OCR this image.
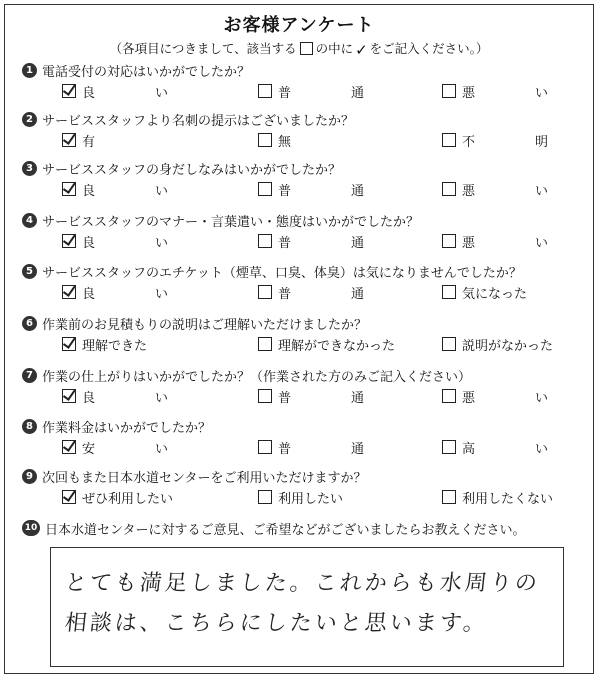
お客様アンケート
（各項目につきまして、該当する の中に ✓ をご記入ください。）
とても満足しました。これからも水周りの
相談は、こちらにしたいと思います。
1 電話受付の対応はいかがでしたか？
良	い	普	通	悪	い
2 サービススタッフより名刺の提示はございましたか？
有	無	不	明
3 サービススタッフの身だしなみはいかがでしたか？
良	い	普	通	悪	い
4 サービススタッフのマナー・言葉遣い・態度はいかがでしたか？
良	い	普	通	悪	い
5 サービススタッフのエチケット（煙草、口臭、体臭）は気になりませんでしたか？
良	い	普	通	気になった
6 作業前のお見積もりの説明はご理解いただけましたか？
理解できた	理解ができなかった	説明がなかった
7 作業の仕上がりはいかがでしたか？（作業された方のみご記入ください）
良	い	普	通	悪	い
8 作業料金はいかがでしたか？
安	い	普	通	高	い
9 次回もまた日本水道センターをご利用いただけますか？
ぜひ利用したい	利用したい	利用したくない
10 日本水道センターに対するご意見、ご希望などがございましたらお教えください。
